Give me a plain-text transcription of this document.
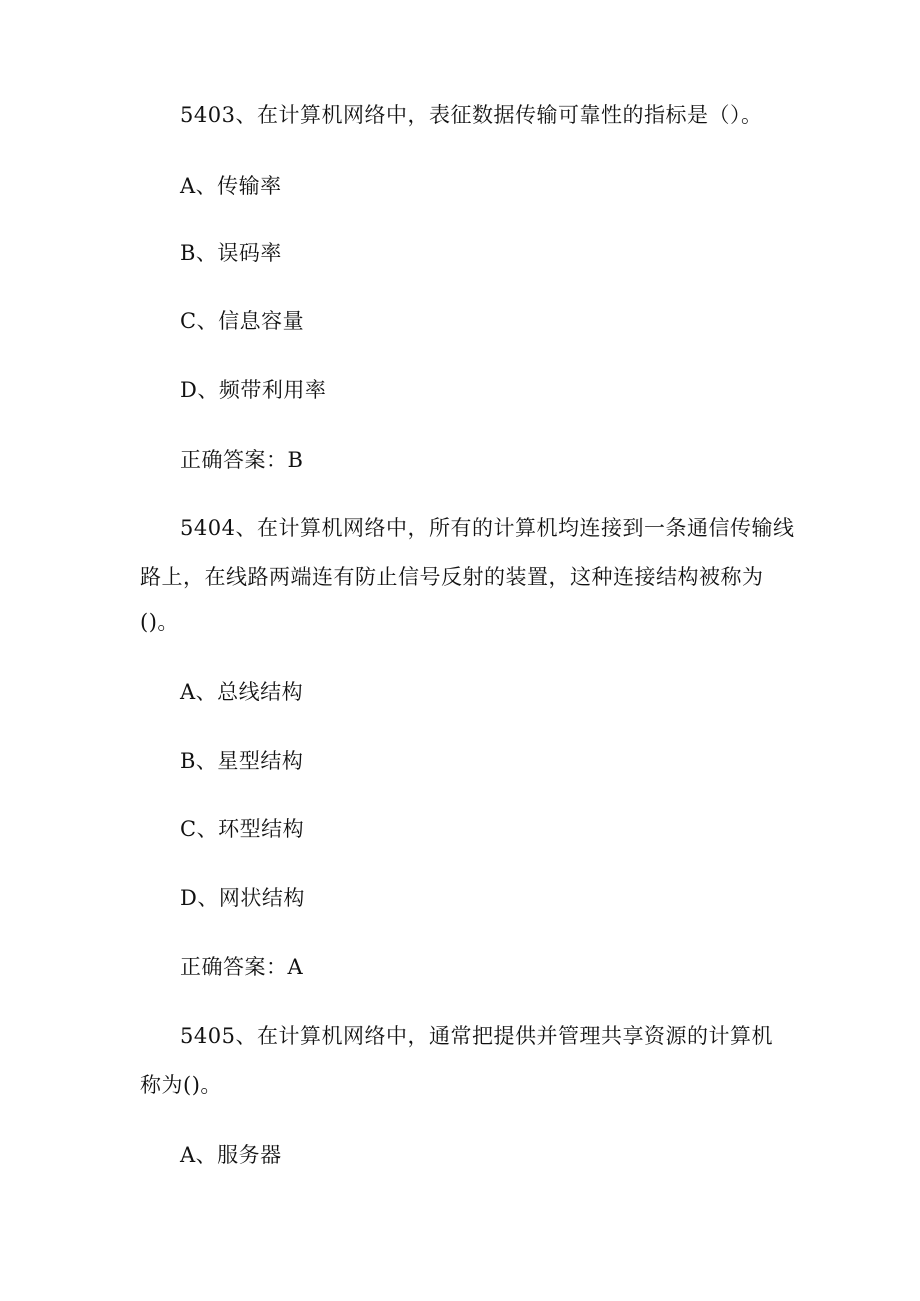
5403、在计算机网络中，表征数据传输可靠性的指标是（）。
A、传输率
B、误码率
C、信息容量
D、频带利用率
正确答案：B
5404、在计算机网络中，所有的计算机均连接到一条通信传输线
路上，在线路两端连有防止信号反射的装置，这种连接结构被称为
()。
A、总线结构
B、星型结构
C、环型结构
D、网状结构
正确答案：A
5405、在计算机网络中，通常把提供并管理共享资源的计算机
称为()。
A、服务器
